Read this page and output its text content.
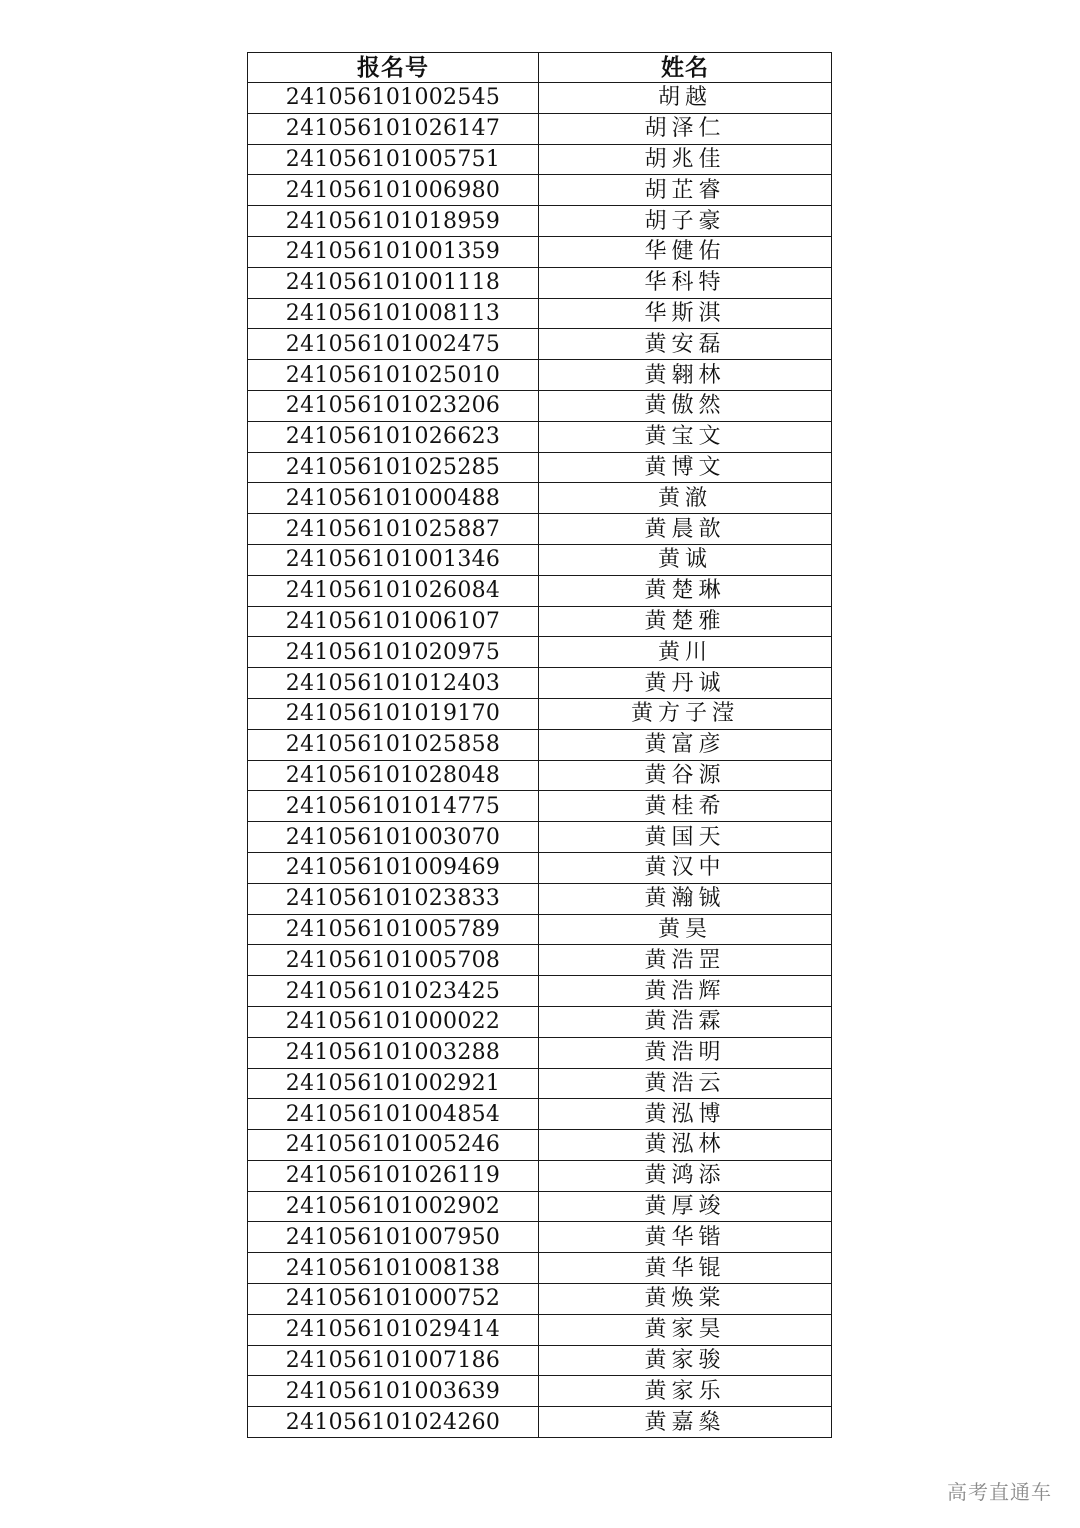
报名号	姓名
241056101002545	胡越
241056101026147	胡泽仁
241056101005751	胡兆佳
241056101006980	胡芷睿
241056101018959	胡子豪
241056101001359	华健佑
241056101001118	华科特
241056101008113	华斯淇
241056101002475	黄安磊
241056101025010	黄翱林
241056101023206	黄傲然
241056101026623	黄宝文
241056101025285	黄博文
241056101000488	黄澈
241056101025887	黄晨歆
241056101001346	黄诚
241056101026084	黄楚琳
241056101006107	黄楚雅
241056101020975	黄川
241056101012403	黄丹诚
241056101019170	黄方子滢
241056101025858	黄富彦
241056101028048	黄谷源
241056101014775	黄桂希
241056101003070	黄国天
241056101009469	黄汉中
241056101023833	黄瀚铖
241056101005789	黄昊
241056101005708	黄浩罡
241056101023425	黄浩辉
241056101000022	黄浩霖
241056101003288	黄浩明
241056101002921	黄浩云
241056101004854	黄泓博
241056101005246	黄泓林
241056101026119	黄鸿添
241056101002902	黄厚竣
241056101007950	黄华锴
241056101008138	黄华锟
241056101000752	黄焕棠
241056101029414	黄家昊
241056101007186	黄家骏
241056101003639	黄家乐
241056101024260	黄嘉燊
高考直通车
